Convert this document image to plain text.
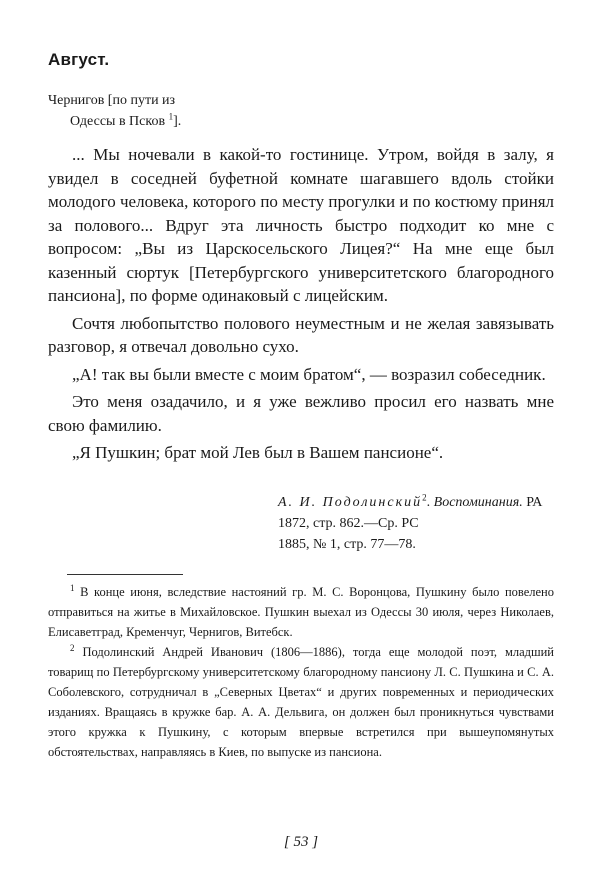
Август.
Чернигов [по пути из
Одессы в Псков $^1$].

... Мы ночевали в какой-то гостинице. Утром, войдя в залу, я увидел в соседней буфетной комнате шагавшего вдоль стойки молодого человека, которого по месту прогулки и по костюму принял за полового... Вдруг эта личность быстро подходит ко мне с вопросом: „Вы из Царскосельского Лицея?“ На мне еще был казенный сюртук [Петербургского университетского благородного пансиона], по форме одинаковый с лицейским.

Сочтя любопытство полового неуместным и не желая завязывать разговор, я отвечал довольно сухо.

„А! так вы были вместе с моим братом“, — возразил собеседник.

Это меня озадачило, и я уже вежливо просил его назвать мне свою фамилию.

„Я Пушкин; брат мой Лев был в Вашем пансионе“.

А. И. Подолинский$^2$. Воспоминания. РА 1872, стр. 862.—Ср. РС
1885, № 1, стр. 77—78.

$^1$ В конце июня, вследствие настояний гр. М. С. Воронцова, Пушкину было повелено отправиться на житье в Михайловское. Пушкин выехал из Одессы 30 июля, через Николаев, Елисаветград, Кременчуг, Чернигов, Витебск.

$^2$ Подолинский Андрей Иванович (1806—1886), тогда еще молодой поэт, младший товарищ по Петербургскому университетскому благородному пансиону Л. С. Пушкина и С. А. Соболевского, сотрудничал в „Северных Цветах“ и других повременных и периодических изданиях. Вращаясь в кружке бар. А. А. Дельвига, он должен был проникнуться чувствами этого кружка к Пушкину, с которым впервые встретился при вышеупомянутых обстоятельствах, направляясь в Киев, по выпуске из пансиона.

[ 53 ]
